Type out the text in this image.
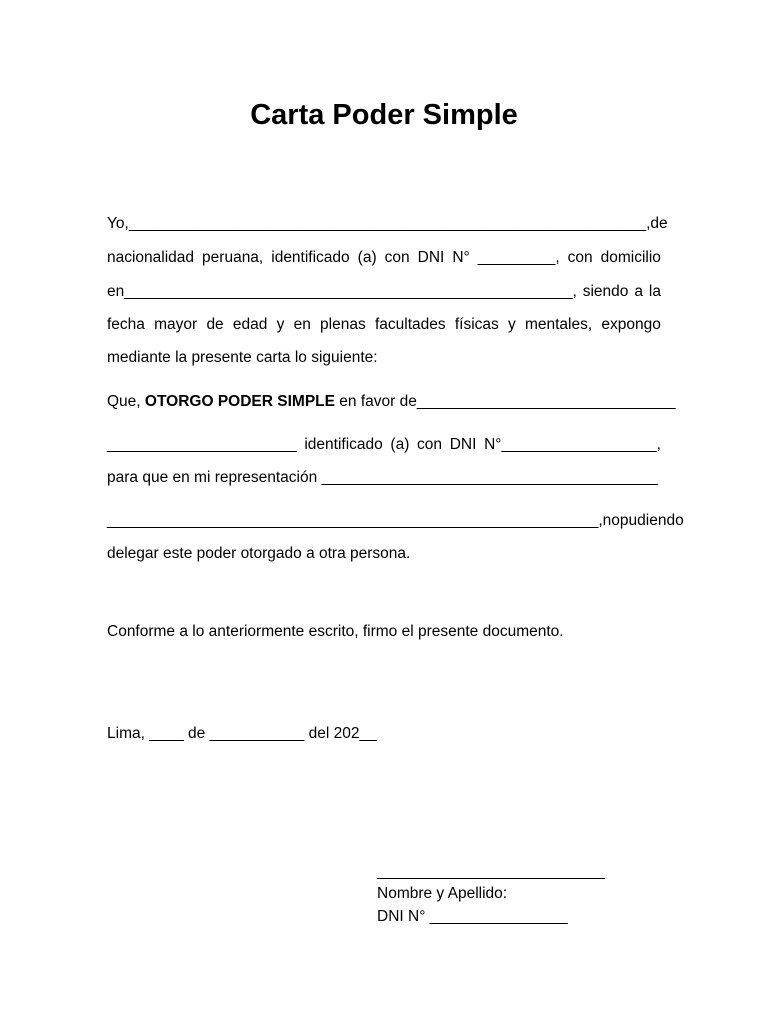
Carta Poder Simple
Yo, ____________________________________________________________, de
nacionalidad peruana, identificado (a) con DNI N° _________, con domicilio
en____________________________________________________, siendo a la
fecha mayor de edad y en plenas facultades físicas y mentales, expongo
mediante la presente carta lo siguiente:
Que, OTORGO PODER SIMPLE en favor de______________________________
______________________ identificado (a) con DNI N°__________________,
para que en mi representación _______________________________________
_________________________________________________________, no pudiendo
delegar este poder otorgado a otra persona.
Conforme a lo anteriormente escrito, firmo el presente documento.
Lima, ____ de ___________ del 202__
Nombre y Apellido:
DNI N° ________________
